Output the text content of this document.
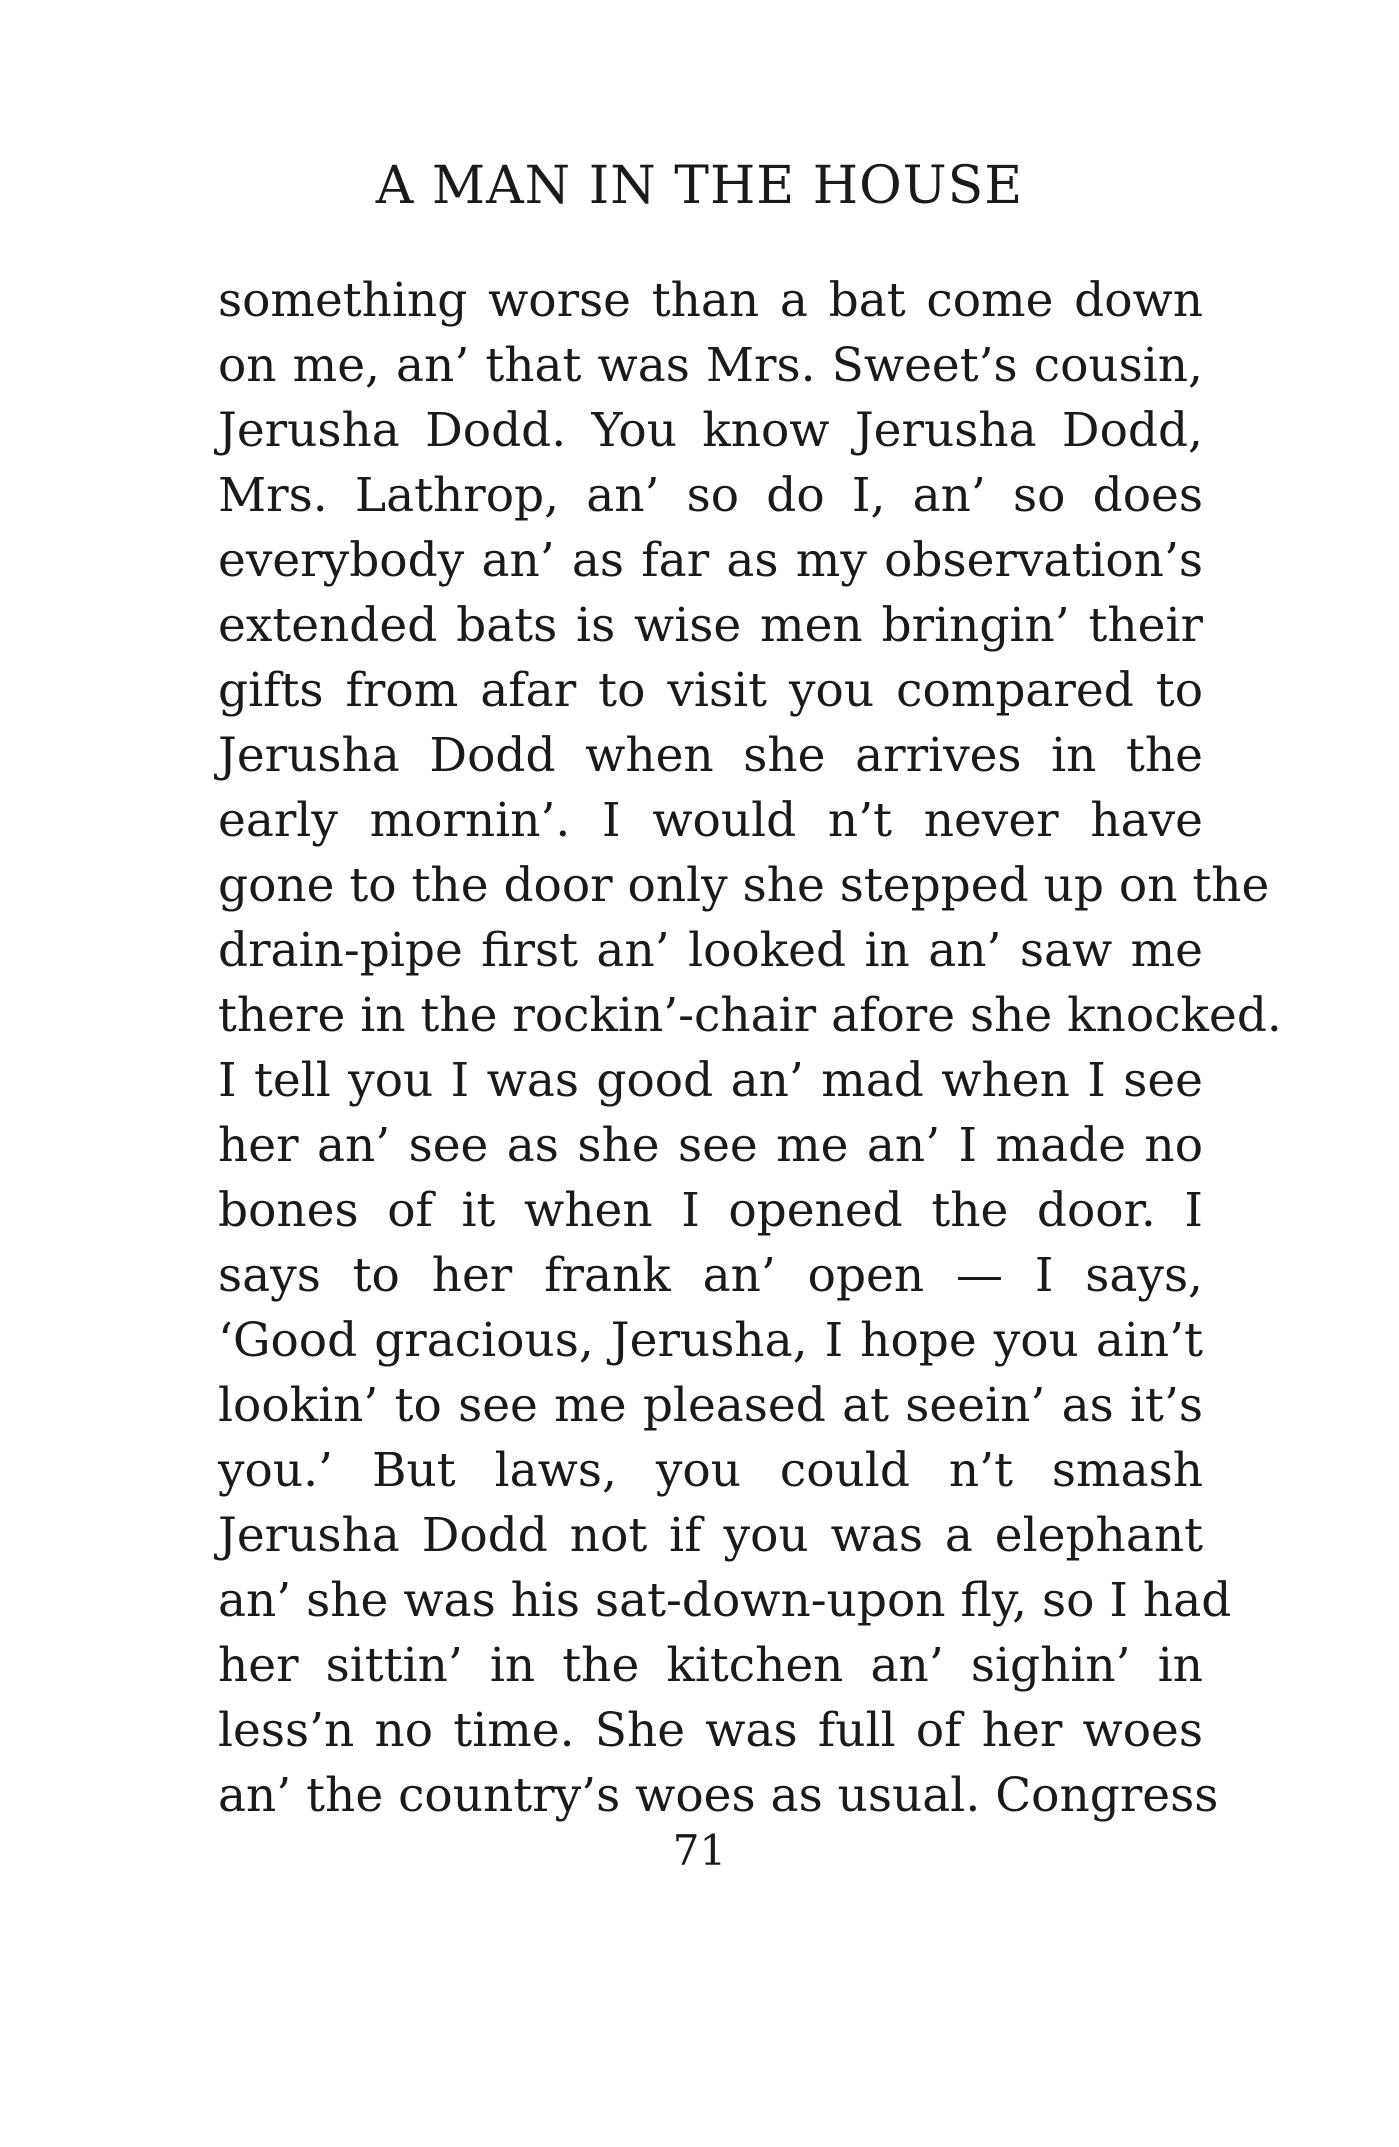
A MAN IN THE HOUSE
something worse than a bat come down
on me, an’ that was Mrs. Sweet’s cousin,
Jerusha Dodd. You know Jerusha Dodd,
Mrs. Lathrop, an’ so do I, an’ so does
everybody an’ as far as my observation’s
extended bats is wise men bringin’ their
gifts from afar to visit you compared to
Jerusha Dodd when she arrives in the
early mornin’. I would n’t never have
gone to the door only she stepped up on the
drain-pipe first an’ looked in an’ saw me
there in the rockin’-chair afore she knocked.
I tell you I was good an’ mad when I see
her an’ see as she see me an’ I made no
bones of it when I opened the door. I
says to her frank an’ open — I says,
‘Good gracious, Jerusha, I hope you ain’t
lookin’ to see me pleased at seein’ as it’s
you.’ But laws, you could n’t smash
Jerusha Dodd not if you was a elephant
an’ she was his sat-down-upon fly, so I had
her sittin’ in the kitchen an’ sighin’ in
less’n no time. She was full of her woes
an’ the country’s woes as usual. Congress
71
